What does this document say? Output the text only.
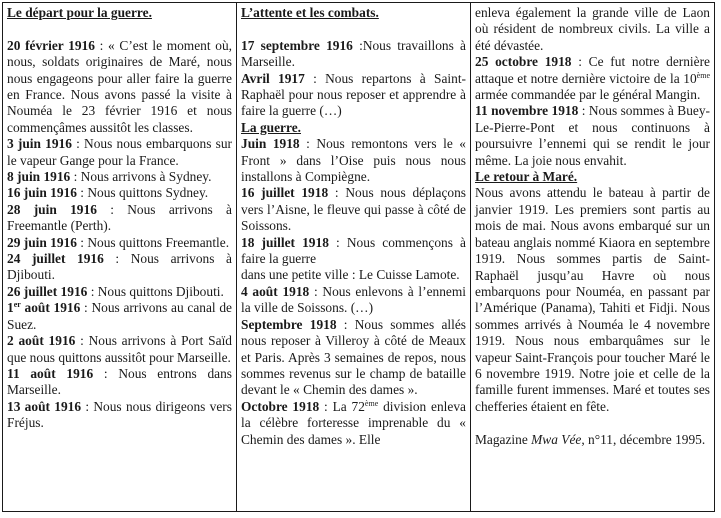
Le départ pour la guerre.

20 février 1916 : « C’est le moment où, nous, soldats originaires de Maré, nous nous engageons pour aller faire la guerre en France. Nous avons passé la visite à Nouméa le 23 février 1916 et nous commençâmes aussitôt les classes.

3 juin 1916 : Nous nous embarquons sur le vapeur Gange pour la France.

8 juin 1916 : Nous arrivons à Sydney.

16 juin 1916 : Nous quittons Sydney.

28 juin 1916 : Nous arrivons à Freemantle (Perth).

29 juin 1916 : Nous quittons Freemantle.

24 juillet 1916 : Nous arrivons à Djibouti.

26 juillet 1916 : Nous quittons Djibouti.

1er août 1916 : Nous arrivons au canal de Suez.

2 août 1916 : Nous arrivons à Port Saïd que nous quittons aussitôt pour Marseille.

11 août 1916 : Nous entrons dans Marseille.

13 août 1916 : Nous nous dirigeons vers Fréjus.

L’attente et les combats.

17 septembre 1916 :Nous travaillons à Marseille.

Avril 1917 : Nous repartons à Saint-Raphaël pour nous reposer et apprendre à faire la guerre (…)

La guerre.

Juin 1918 : Nous remontons vers le « Front » dans l’Oise puis nous nous installons à Compiègne.

16 juillet 1918 : Nous nous déplaçons vers l’Aisne, le fleuve qui passe à côté de Soissons.

18 juillet 1918 : Nous commençons à faire la guerre

dans une petite ville : Le Cuisse Lamote.

4 août 1918 : Nous enlevons à l’ennemi la ville de Soissons. (…)

Septembre 1918 : Nous sommes allés nous reposer à Villeroy à côté de Meaux et Paris. Après 3 semaines de repos, nous sommes revenus sur le champ de bataille devant le « Chemin des dames ».

Octobre 1918 : La 72ème division enleva la célèbre forteresse imprenable du « Chemin des dames ». Elle

enleva également la grande ville de Laon où résident de nombreux civils. La ville a été dévastée.

25 octobre 1918 : Ce fut notre dernière attaque et notre dernière victoire de la 10ème armée commandée par le général Mangin.

11 novembre 1918 : Nous sommes à Buey-Le-Pierre-Pont et nous continuons à poursuivre l’ennemi qui se rendit le jour même. La joie nous envahit.

Le retour à Maré.

Nous avons attendu le bateau à partir de janvier 1919. Les premiers sont partis au mois de mai. Nous avons embarqué sur un bateau anglais nommé Kiaora en septembre 1919. Nous sommes partis de Saint-Raphaël jusqu’au Havre où nous embarquons pour Nouméa, en passant par l’Amérique (Panama), Tahiti et Fidji. Nous sommes arrivés à Nouméa le 4 novembre 1919. Nous nous embarquâmes sur le vapeur Saint-François pour toucher Maré le 6 novembre 1919. Notre joie et celle de la famille furent immenses. Maré et toutes ses chefferies étaient en fête.

Magazine Mwa Vée, n°11, décembre 1995.
